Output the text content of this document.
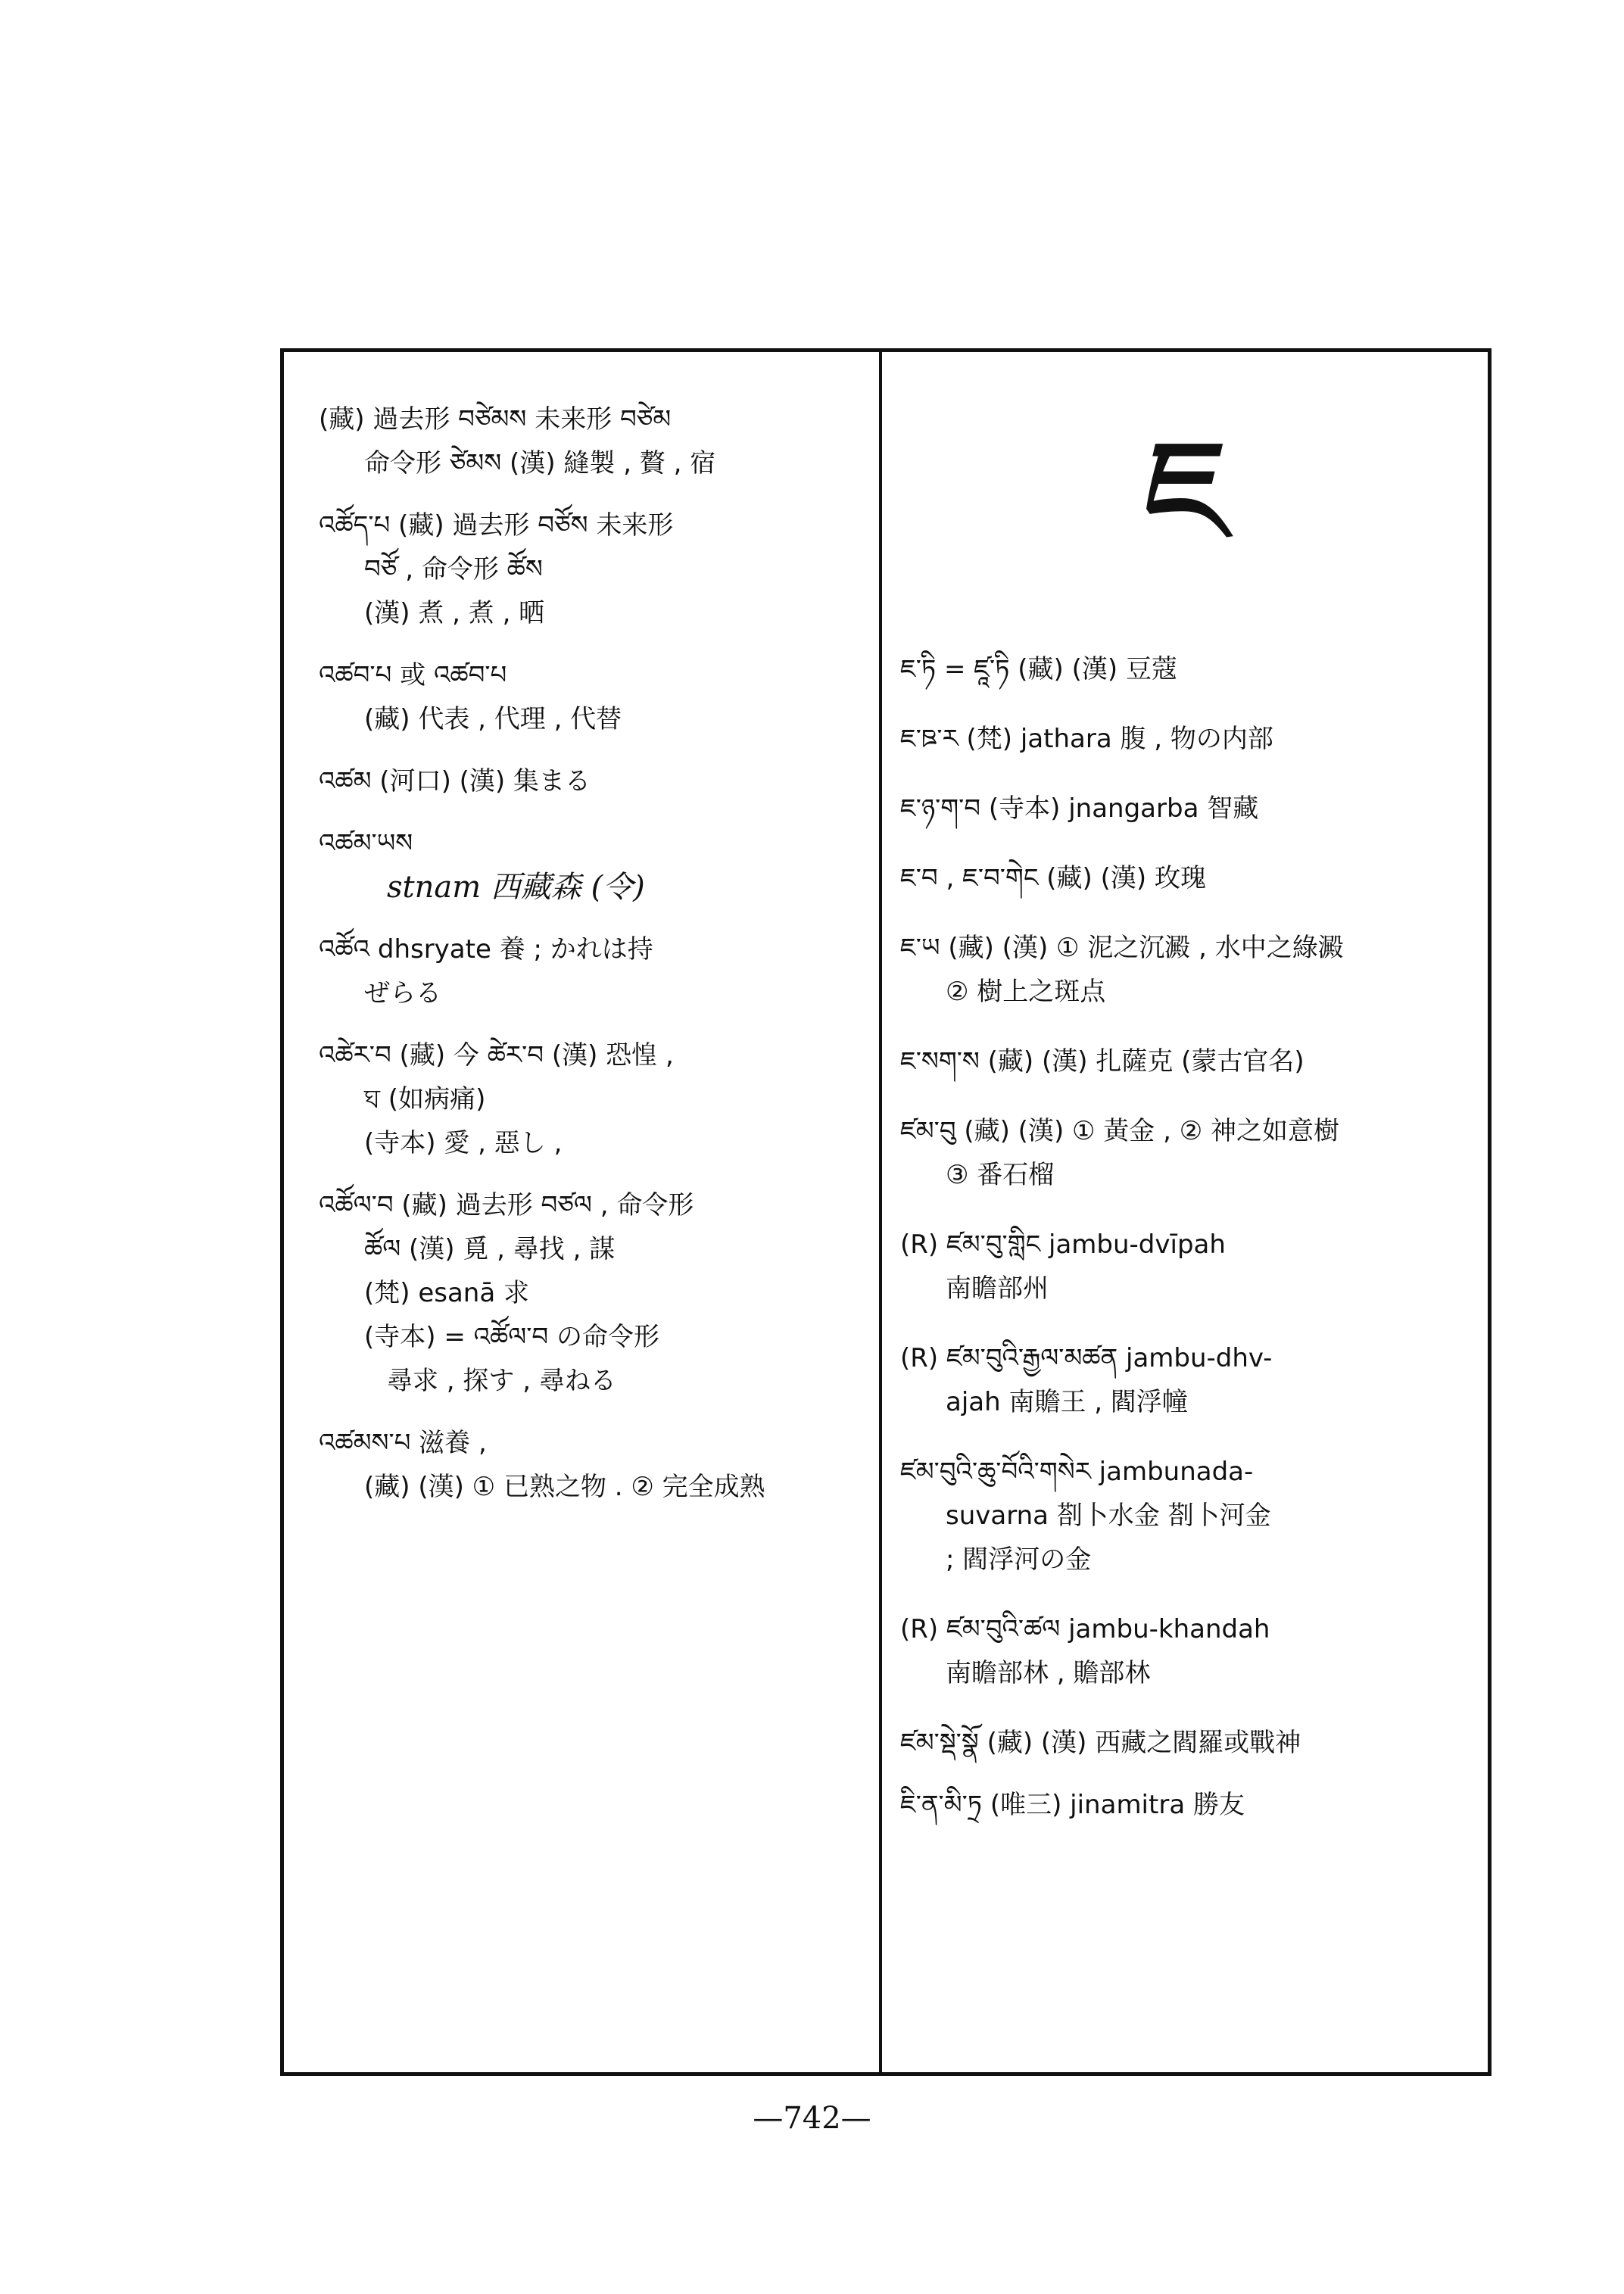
(藏) 過去形 བཙེམས 未来形 བཙེམ
命令形 ཙེམས (漢) 縫製 , 贅 , 宿
འཚོད་པ (藏) 過去形 བཙོས 未来形
བཙོ , 命令形 ཚོས
(漢) 煮 , 煮 , 晒
འཚབ་པ 或 འཚབ་པ
(藏) 代表 , 代理 , 代替
འཚམ (河口) (漢) 集まる
འཚམ་ཡས
stnam 西藏森 (令)
འཚོའ dhsryate 養 ; かれは持
ぜらる
འཚེར་བ (藏) 今 ཚེར་བ (漢) 恐惶 ,
ঘ (如病痛)
(寺本) 愛 , 惡し ,
འཚོལ་བ (藏) 過去形 བཙལ , 命令形
ཚོལ (漢) 覓 , 尋找 , 謀
(梵) esanā 求
(寺本) = འཚོལ་བ の命令形
尋求 , 探す , 尋ねる
འཚམས་པ 滋養 ,
(藏) (漢) ① 已熟之物 . ② 完全成熟
ཇ
ཇ་ཏི = ཛཱ་ཏི (藏) (漢) 豆蔻
ཇ་ཋ་ར (梵) jathara 腹 , 物の内部
ཇ་ཉ་ག་བ (寺本) jnangarba 智藏
ཇ་བ , ཇ་བ་གེང (藏) (漢) 玫瑰
ཇ་ཡ (藏) (漢) ① 泥之沉澱 , 水中之綠澱
② 樹上之斑点
ཇ་སག་ས (藏) (漢) 扎薩克 (蒙古官名)
ཛམ་བུ (藏) (漢) ① 黃金 , ② 神之如意樹
③ 番石榴
(R) ཛམ་བུ་གླིང jambu-dvīpah
南瞻部州
(R) ཛམ་བུའི་རྒྱལ་མཚན jambu-dhv-
ajah 南贍王 , 閻浮幢
ཛམ་བུའི་ཆུ་བོའི་གསེར jambunada-
suvarna 剳卜水金 剳卜河金
; 閻浮河の金
(R) ཛམ་བུའི་ཚལ jambu-khandah
南瞻部林 , 贍部林
ཛམ་སྡེ་སྣོ (藏) (漢) 西藏之閻羅或戰神
ཇི་ན་མི་ཏྲ (唯三) jinamitra 勝友
—742—
